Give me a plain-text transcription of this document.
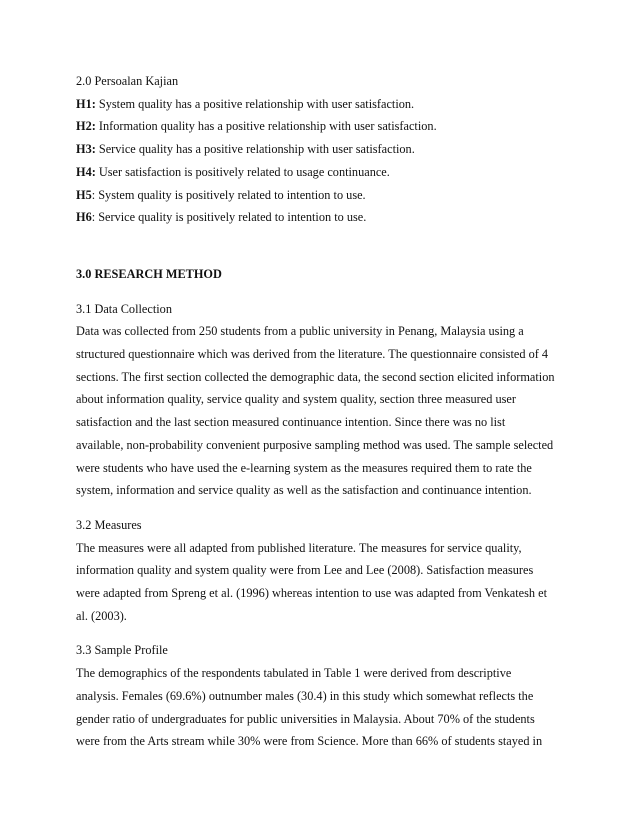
2.0 Persoalan Kajian
H1: System quality has a positive relationship with user satisfaction.
H2: Information quality has a positive relationship with user satisfaction.
H3: Service quality has a positive relationship with user satisfaction.
H4: User satisfaction is positively related to usage continuance.
H5: System quality is positively related to intention to use.
H6: Service quality is positively related to intention to use.
3.0 RESEARCH METHOD
3.1 Data Collection
Data was collected from 250 students from a public university in Penang, Malaysia using a
structured questionnaire which was derived from the literature. The questionnaire consisted of 4
sections. The first section collected the demographic data, the second section elicited information
about information quality, service quality and system quality, section three measured user
satisfaction and the last section measured continuance intention. Since there was no list
available, non-probability convenient purposive sampling method was used. The sample selected
were students who have used the e-learning system as the measures required them to rate the
system, information and service quality as well as the satisfaction and continuance intention.
3.2 Measures
The measures were all adapted from published literature. The measures for service quality,
information quality and system quality were from Lee and Lee (2008). Satisfaction measures
were adapted from Spreng et al. (1996) whereas intention to use was adapted from Venkatesh et
al. (2003).
3.3 Sample Profile
The demographics of the respondents tabulated in Table 1 were derived from descriptive
analysis. Females (69.6%) outnumber males (30.4) in this study which somewhat reflects the
gender ratio of undergraduates for public universities in Malaysia. About 70% of the students
were from the Arts stream while 30% were from Science. More than 66% of students stayed in
